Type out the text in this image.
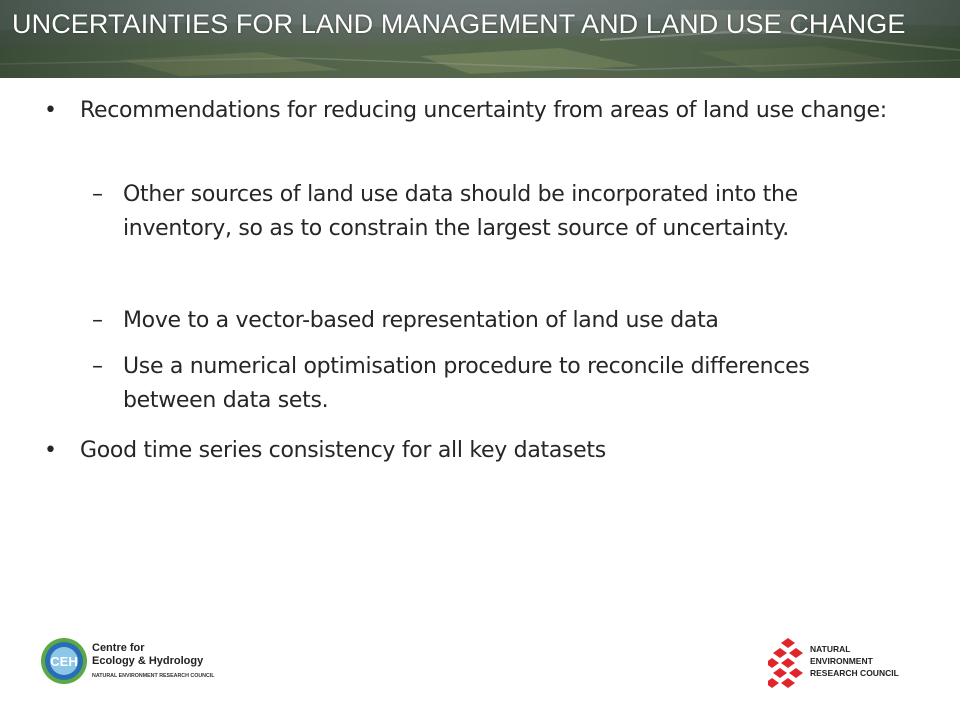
UNCERTAINTIES FOR LAND MANAGEMENT AND LAND USE CHANGE
• Recommendations for reducing uncertainty from areas of land use change:
– Other sources of land use data should be incorporated into the inventory, so as to constrain the largest source of uncertainty.
– Move to a vector-based representation of land use data
– Use a numerical optimisation procedure to reconcile differences between data sets.
• Good time series consistency for all key datasets
CEH
Centre for
Ecology & Hydrology
NATURAL ENVIRONMENT RESEARCH COUNCIL
NATURAL
ENVIRONMENT
RESEARCH COUNCIL
